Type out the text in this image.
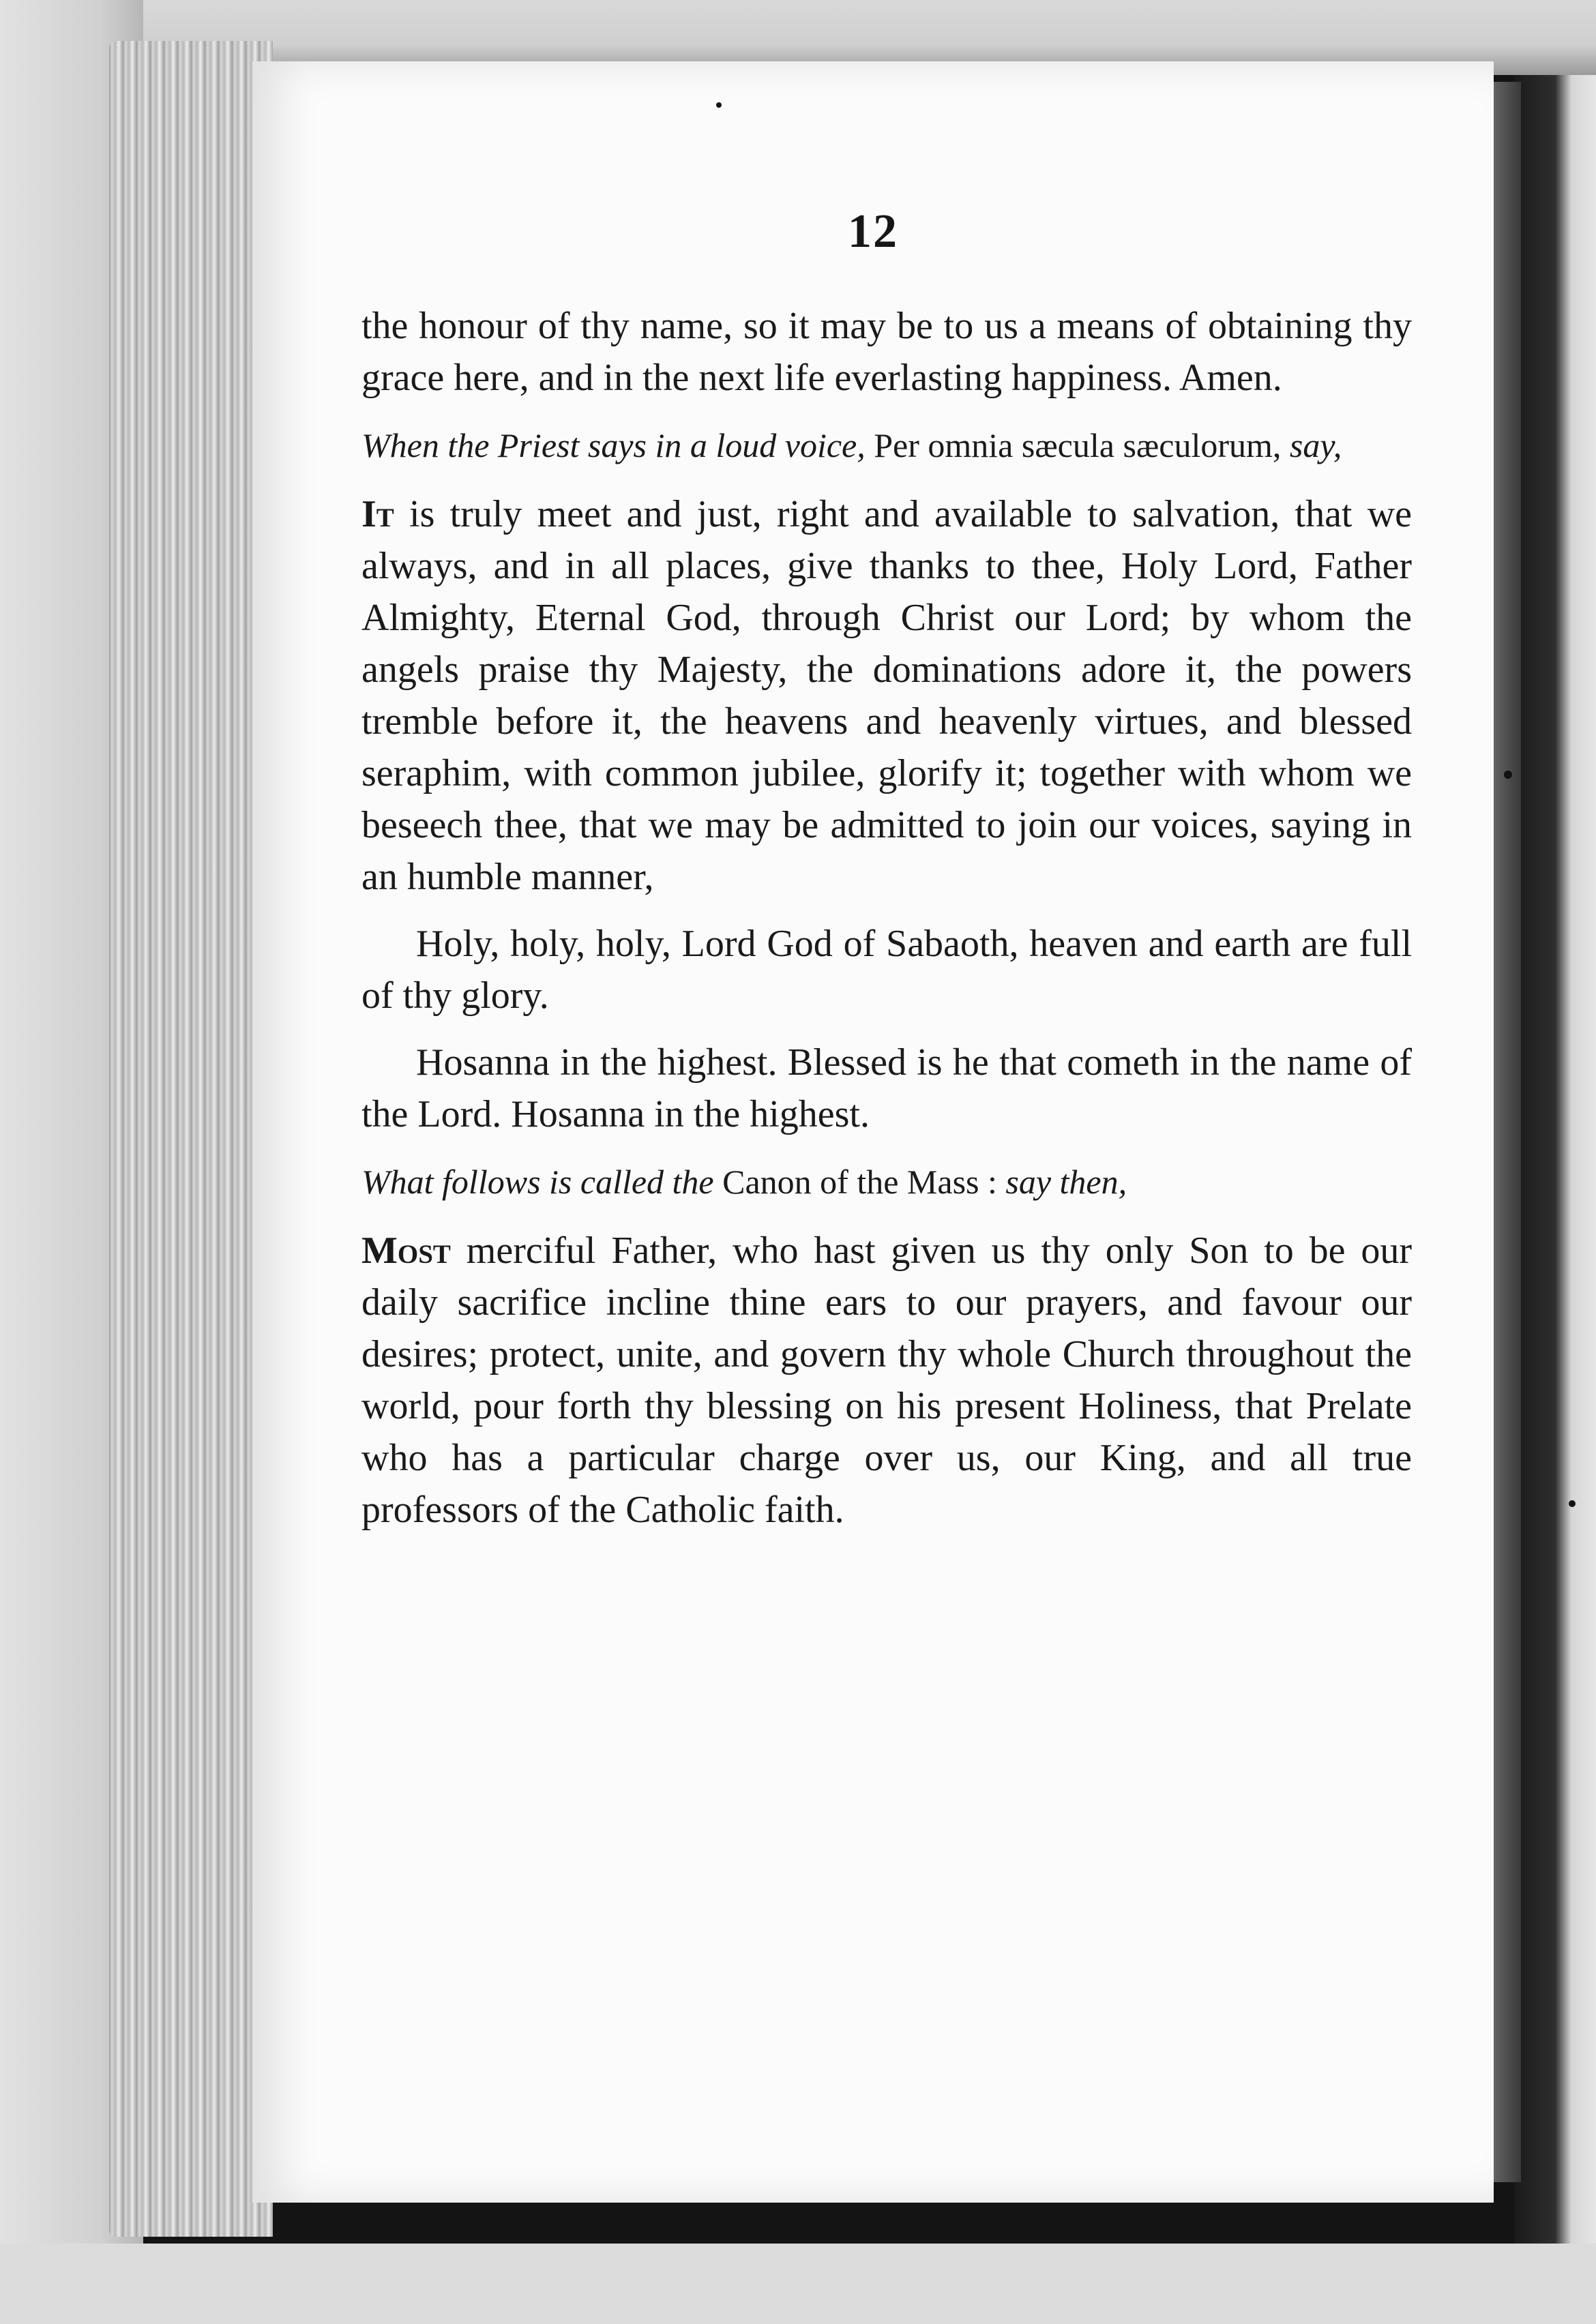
12

the honour of thy name, so it may be to us a means of obtaining thy grace here, and in the next life everlasting happiness. Amen.

When the Priest says in a loud voice, Per omnia sæcula sæculorum, say,

It is truly meet and just, right and available to salvation, that we always, and in all places, give thanks to thee, Holy Lord, Father Almighty, Eternal God, through Christ our Lord; by whom the angels praise thy Majesty, the dominations adore it, the powers tremble before it, the heavens and heavenly virtues, and blessed seraphim, with common jubilee, glorify it; together with whom we beseech thee, that we may be admitted to join our voices, saying in an humble manner,

Holy, holy, holy, Lord God of Sabaoth, heaven and earth are full of thy glory.

Hosanna in the highest. Blessed is he that cometh in the name of the Lord. Hosanna in the highest.

What follows is called the Canon of the Mass : say then,

Most merciful Father, who hast given us thy only Son to be our daily sacrifice incline thine ears to our prayers, and favour our desires; protect, unite, and govern thy whole Church throughout the world, pour forth thy blessing on his present Holiness, that Prelate who has a particular charge over us, our King, and all true professors of the Catholic faith.
